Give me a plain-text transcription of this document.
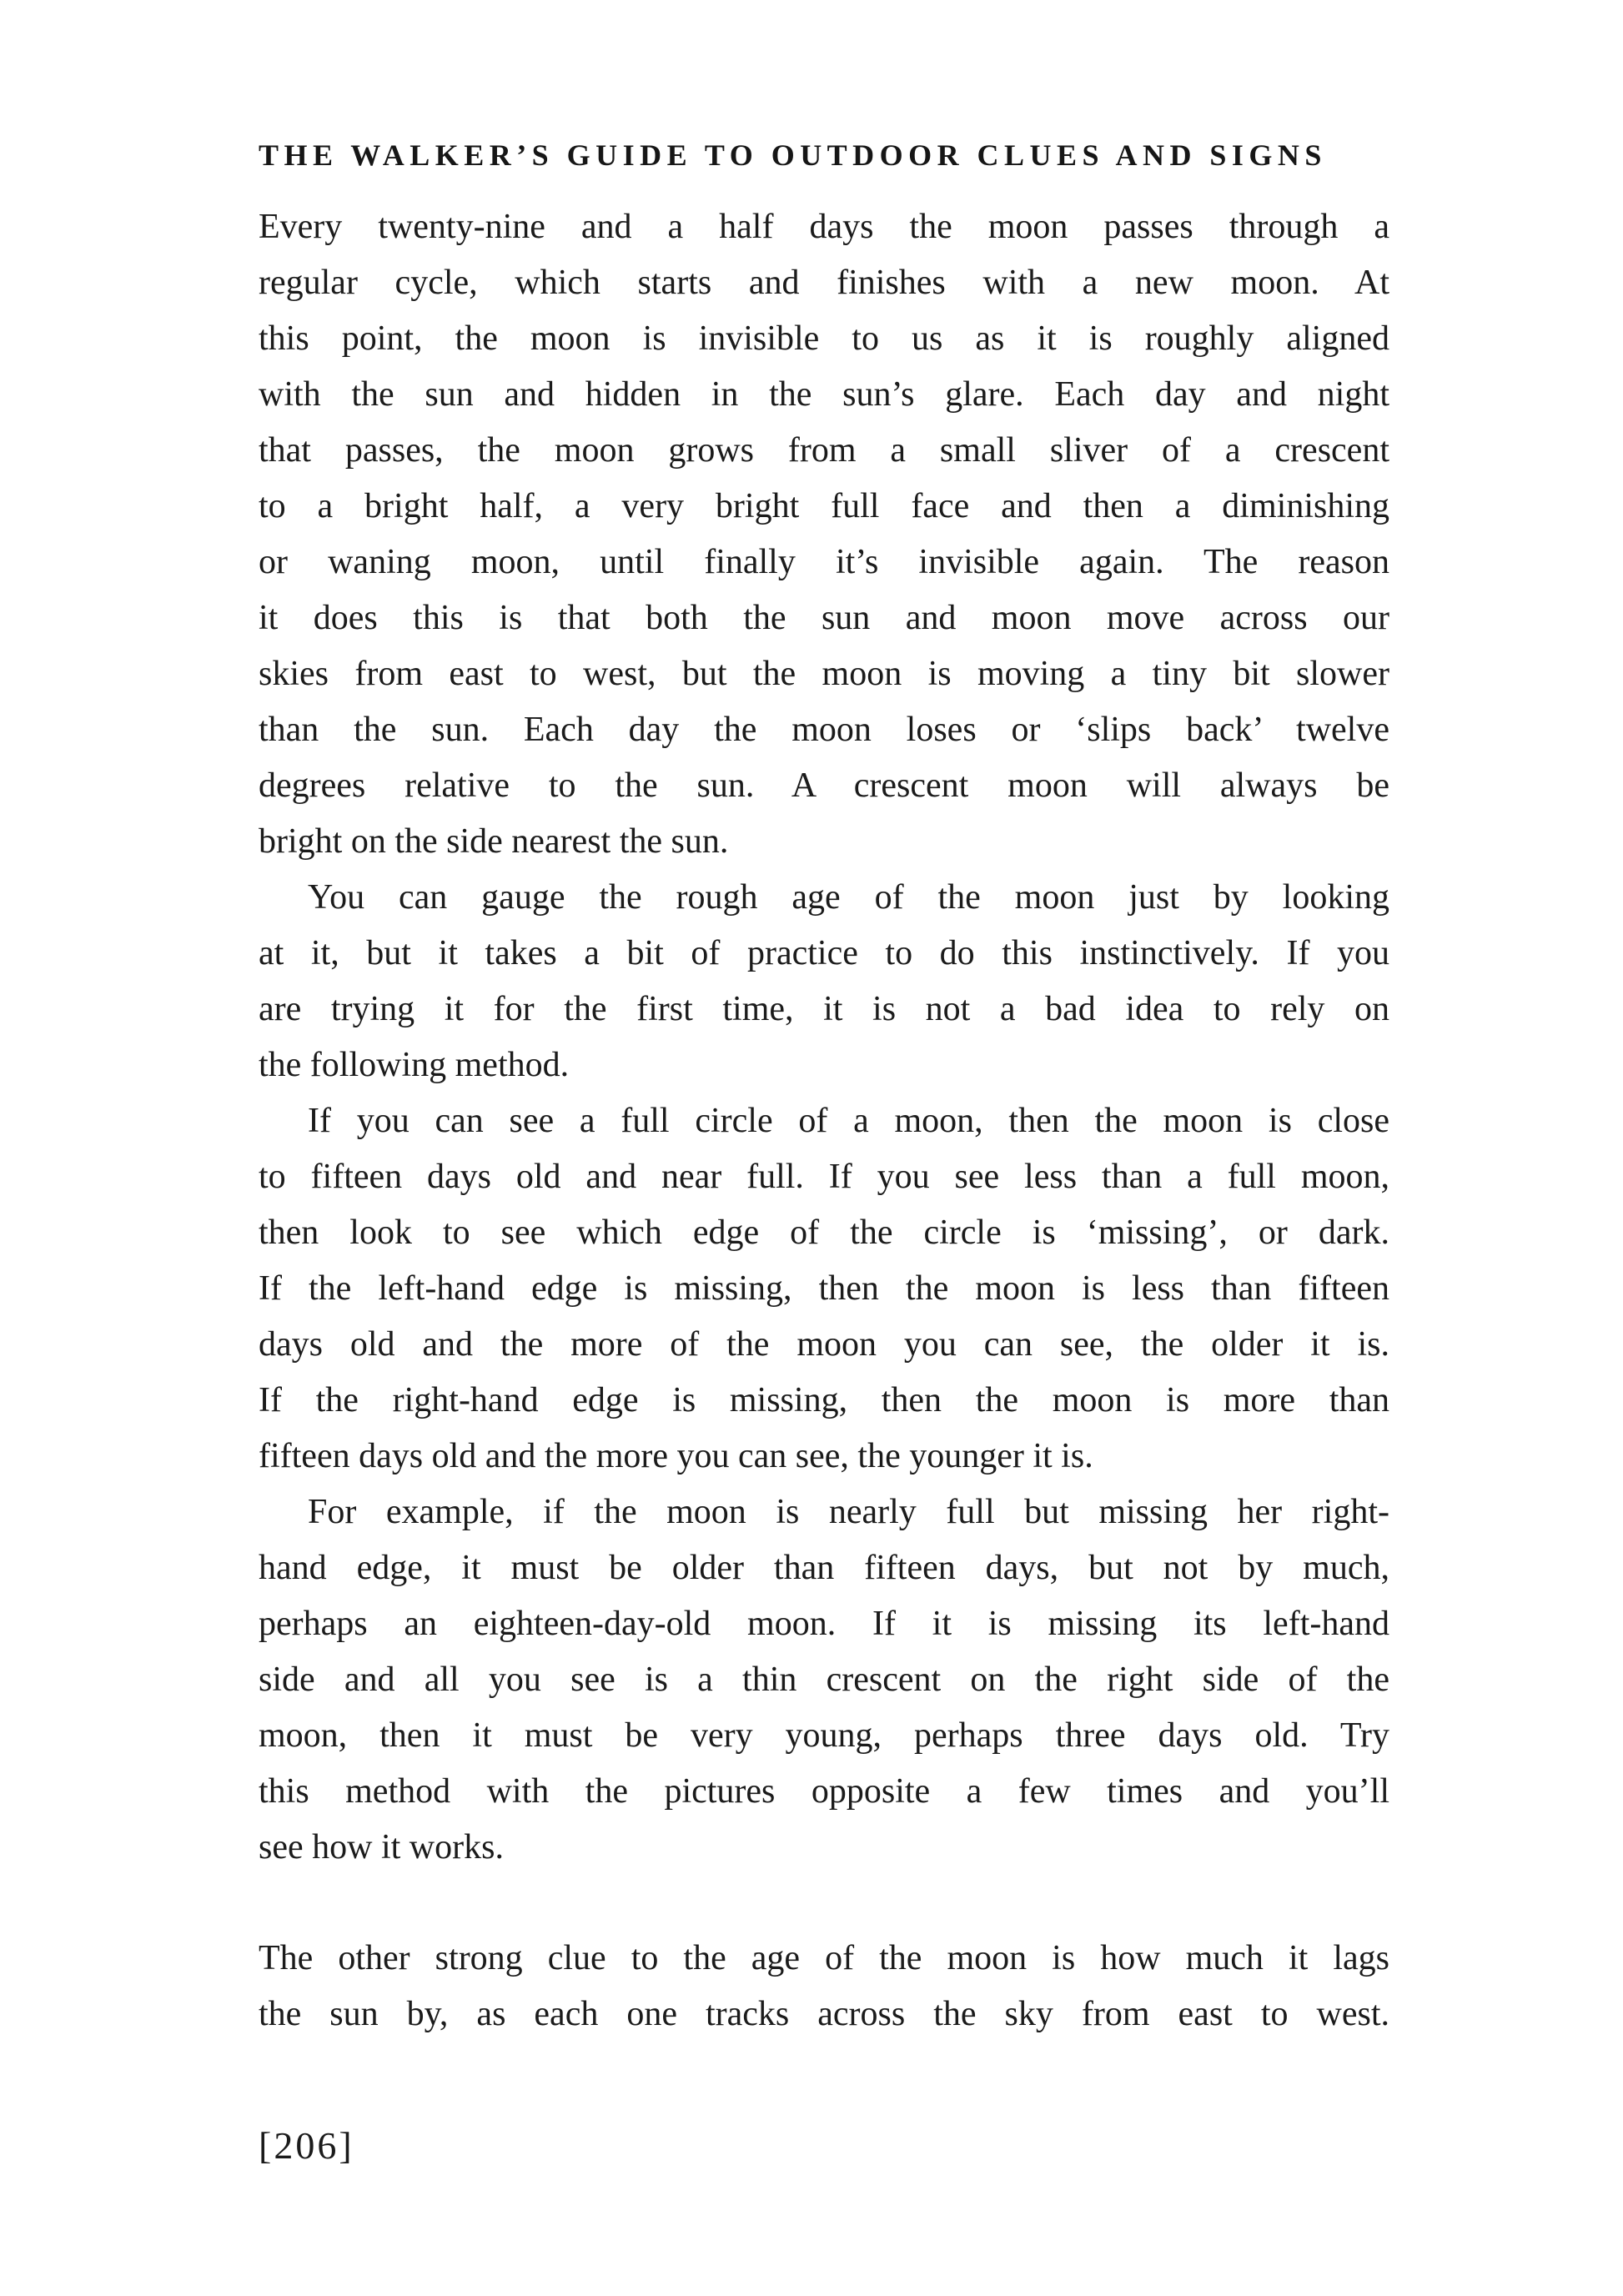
THE WALKER’S GUIDE TO OUTDOOR CLUES AND SIGNS
Every twenty-nine and a half days the moon passes through a
regular cycle, which starts and finishes with a new moon. At
this point, the moon is invisible to us as it is roughly aligned
with the sun and hidden in the sun’s glare. Each day and night
that passes, the moon grows from a small sliver of a crescent
to a bright half, a very bright full face and then a diminishing
or waning moon, until finally it’s invisible again. The reason
it does this is that both the sun and moon move across our
skies from east to west, but the moon is moving a tiny bit slower
than the sun. Each day the moon loses or ‘slips back’ twelve
degrees relative to the sun. A crescent moon will always be
bright on the side nearest the sun.
You can gauge the rough age of the moon just by looking
at it, but it takes a bit of practice to do this instinctively. If you
are trying it for the first time, it is not a bad idea to rely on
the following method.
If you can see a full circle of a moon, then the moon is close
to fifteen days old and near full. If you see less than a full moon,
then look to see which edge of the circle is ‘missing’, or dark.
If the left-hand edge is missing, then the moon is less than fifteen
days old and the more of the moon you can see, the older it is.
If the right-hand edge is missing, then the moon is more than
fifteen days old and the more you can see, the younger it is.
For example, if the moon is nearly full but missing her right-
hand edge, it must be older than fifteen days, but not by much,
perhaps an eighteen-day-old moon. If it is missing its left-hand
side and all you see is a thin crescent on the right side of the
moon, then it must be very young, perhaps three days old. Try
this method with the pictures opposite a few times and you’ll
see how it works.
The other strong clue to the age of the moon is how much it lags
the sun by, as each one tracks across the sky from east to west.
[206]
